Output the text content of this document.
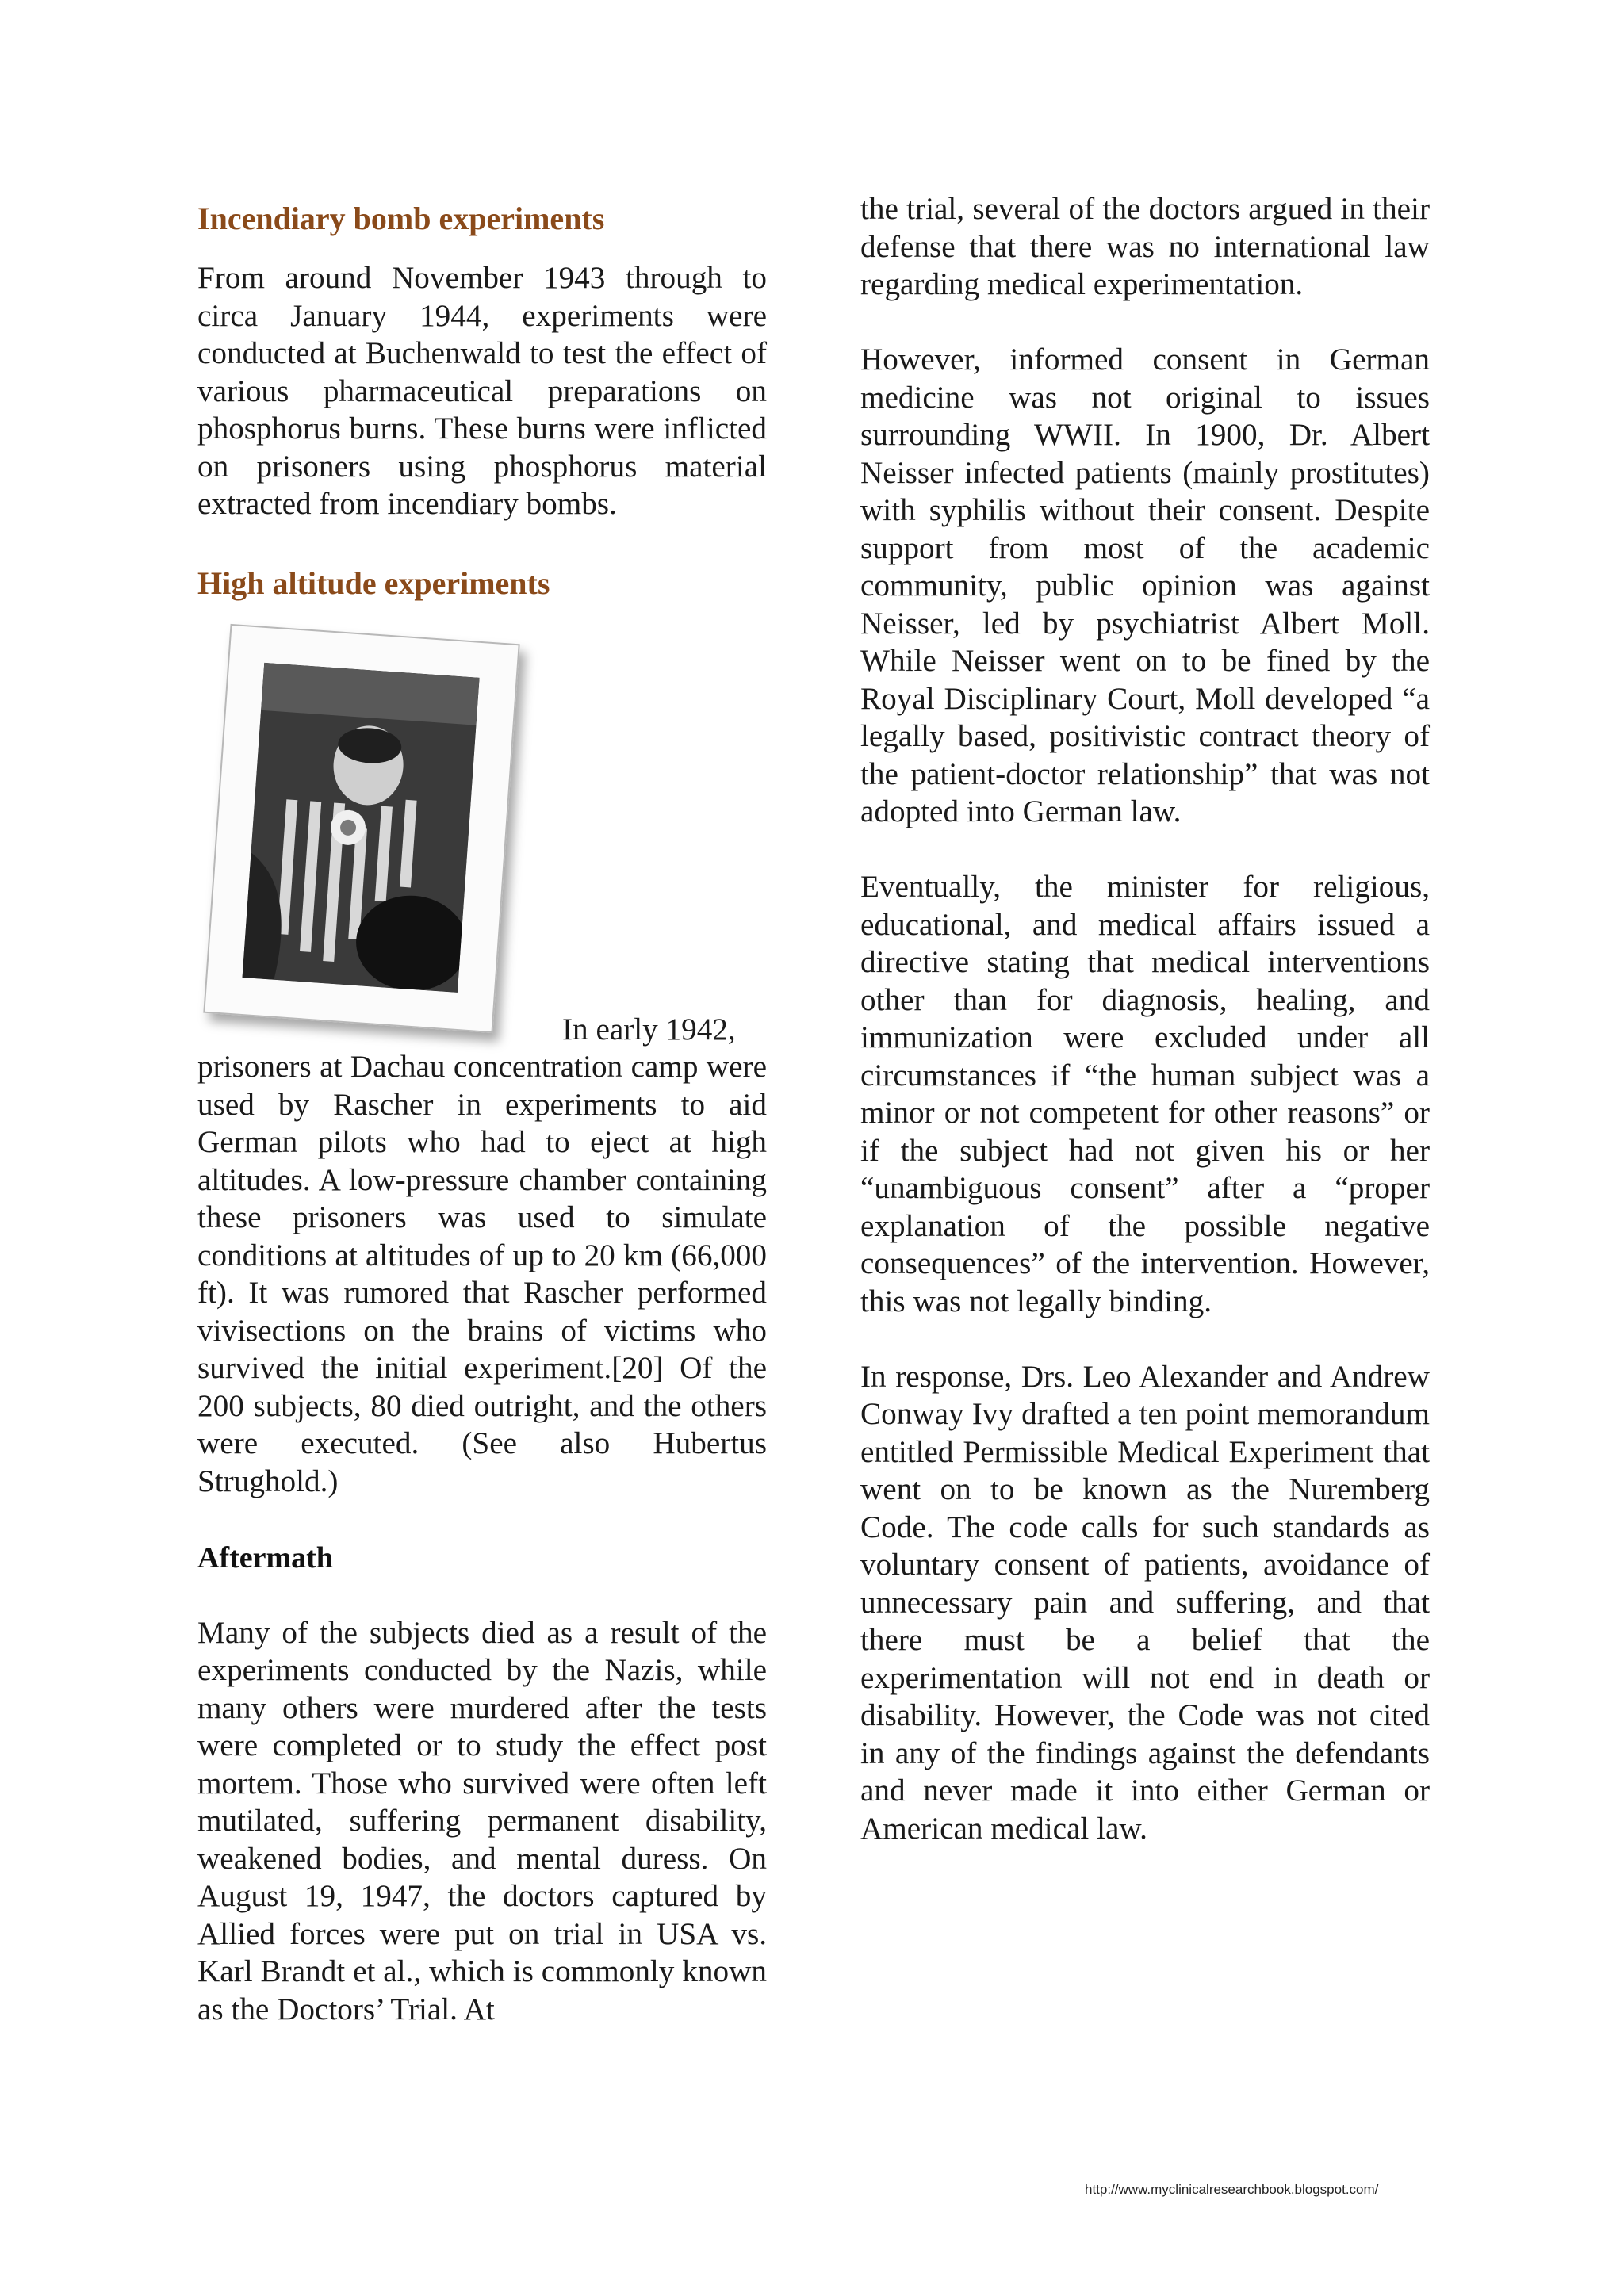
Incendiary bomb experiments

From around November 1943 through to circa January 1944, experiments were conducted at Buchenwald to test the effect of various pharmaceutical preparations on phosphorus burns. These burns were inflicted on prisoners using phosphorus material extracted from incendiary bombs.

High altitude experiments

In early 1942,
prisoners at Dachau concentration camp were used by Rascher in experiments to aid German pilots who had to eject at high altitudes. A low-pressure chamber containing these prisoners was used to simulate conditions at altitudes of up to 20 km (66,000 ft). It was rumored that Rascher performed vivisections on the brains of victims who survived the initial experiment.[20] Of the 200 subjects, 80 died outright, and the others were executed. (See also Hubertus Strughold.)

Aftermath

Many of the subjects died as a result of the experiments conducted by the Nazis, while many others were murdered after the tests were completed or to study the effect post mortem. Those who survived were often left mutilated, suffering permanent disability, weakened bodies, and mental duress. On August 19, 1947, the doctors captured by Allied forces were put on trial in USA vs. Karl Brandt et al., which is commonly known as the Doctors’ Trial. At

the trial, several of the doctors argued in their defense that there was no international law regarding medical experimentation.

However, informed consent in German medicine was not original to issues surrounding WWII. In 1900, Dr. Albert Neisser infected patients (mainly prostitutes) with syphilis without their consent. Despite support from most of the academic community, public opinion was against Neisser, led by psychiatrist Albert Moll. While Neisser went on to be fined by the Royal Disciplinary Court, Moll developed “a legally based, positivistic contract theory of the patient-doctor relationship” that was not adopted into German law.

Eventually, the minister for religious, educational, and medical affairs issued a directive stating that medical interventions other than for diagnosis, healing, and immunization were excluded under all circumstances if “the human subject was a minor or not competent for other reasons” or if the subject had not given his or her “unambiguous consent” after a “proper explanation of the possible negative consequences” of the intervention. However, this was not legally binding.

In response, Drs. Leo Alexander and Andrew Conway Ivy drafted a ten point memorandum entitled Permissible Medical Experiment that went on to be known as the Nuremberg Code. The code calls for such standards as voluntary consent of patients, avoidance of unnecessary pain and suffering, and that there must be a belief that the experimentation will not end in death or disability. However, the Code was not cited in any of the findings against the defendants and never made it into either German or American medical law.

http://www.myclinicalresearchbook.blogspot.com/
